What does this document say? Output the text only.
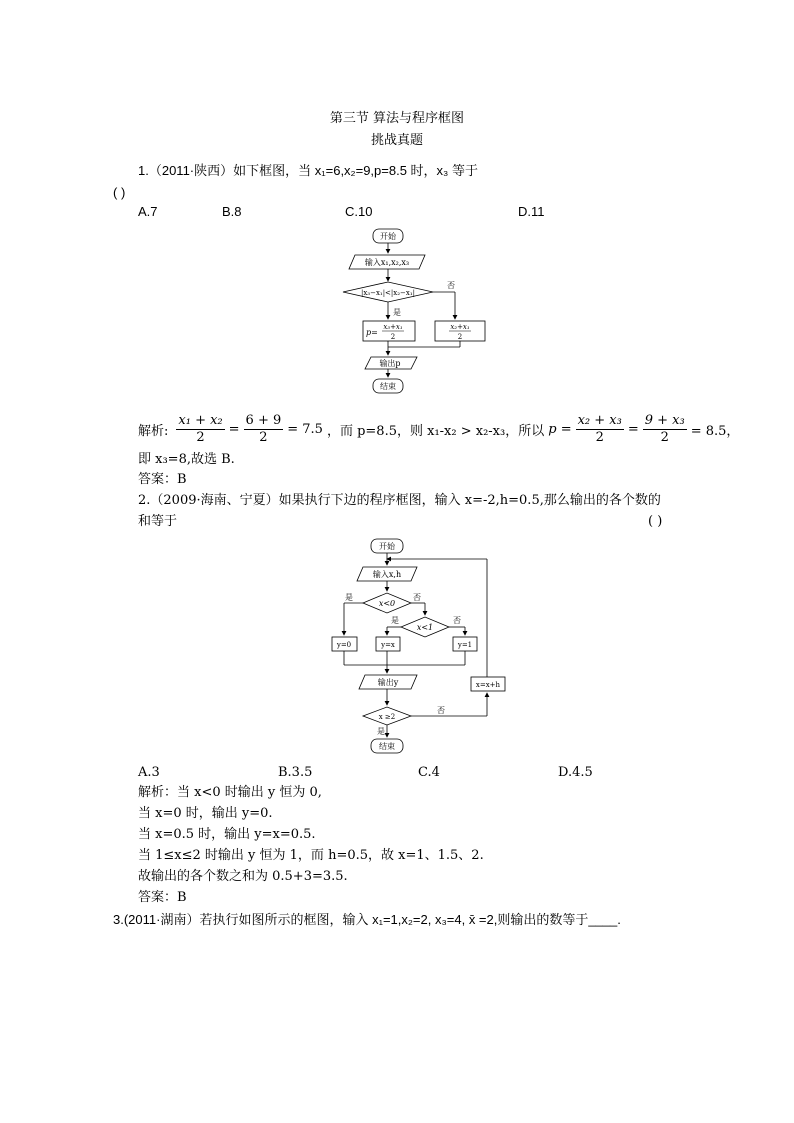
第三节 算法与程序框图
挑战真题
1.（2011·陕西）如下框图，当 x₁=6,x₂=9,p=8.5 时，x₃ 等于
( )
A.7	B.8	C.10	D.11
开始
输入x₁,x₂,x₃
|x₃−x₁|<|x₂−x₁|
是
否
p=
x₃+x₁
2
x₂+x₁
2
输出p
结束
解析: $\frac{\text{x₁ + x₂}}{2} = \frac{6 + 9}{2} = 7.5$ ，而 p=8.5，则 x₁-x₂ > x₂-x₃，所以 $p = \frac{\text{x₂ + x₃}}{2} = \frac{\text{9 + x₃}}{2} = 8.5$，
即 x₃=8,故选 B.
答案：B
2.（2009·海南、宁夏）如果执行下边的程序框图，输入 x=-2,h=0.5,那么输出的各个数的
和等于	( )
开始
输入x,h
x<0
是	否
x<1
是	否
y=0	y=x	y=1
输出y
x ≥2
否
是
x=x+h
结束
A.3	B.3.5	C.4	D.4.5
解析：当 x<0 时输出 y 恒为 0,
当 x=0 时，输出 y=0.
当 x=0.5 时，输出 y=x=0.5.
当 1≤x≤2 时输出 y 恒为 1，而 h=0.5，故 x=1、1.5、2.
故输出的各个数之和为 0.5+3=3.5.
答案：B
3.(2011·湖南）若执行如图所示的框图，输入 x₁=1,x₂=2, x₃=4, x̄ =2,则输出的数等于____.
